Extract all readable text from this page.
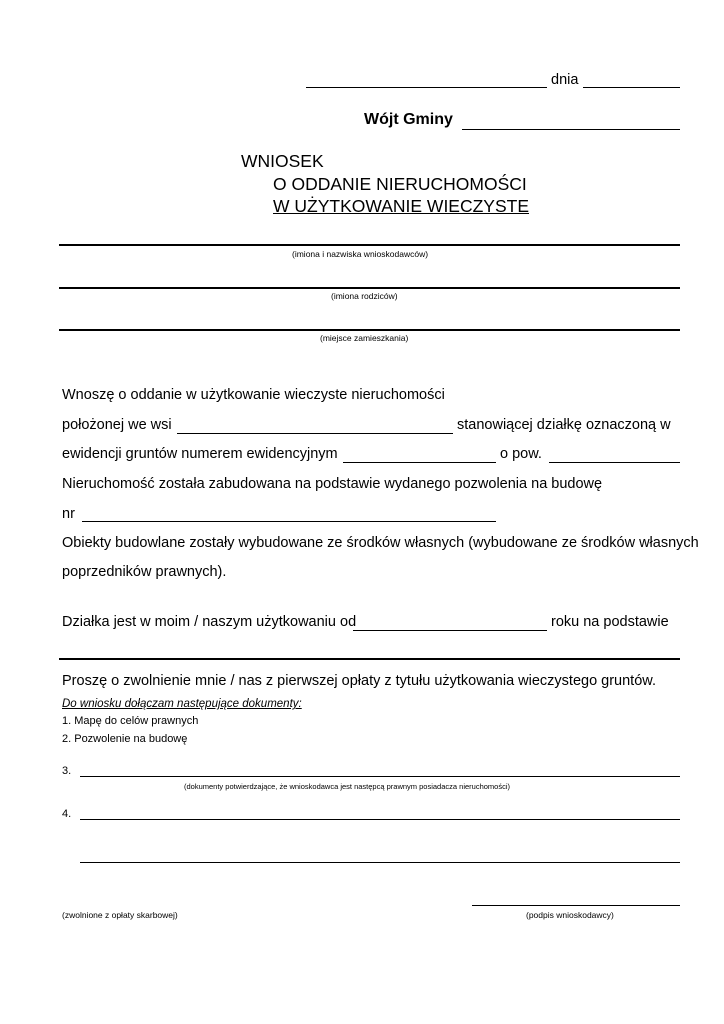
dnia
Wójt Gminy
WNIOSEK
O ODDANIE NIERUCHOMOŚCI
W UŻYTKOWANIE WIECZYSTE
(imiona i nazwiska wnioskodawców)
(imiona rodziców)
(miejsce zamieszkania)
Wnoszę o oddanie w użytkowanie wieczyste nieruchomości
położonej we wsi	stanowiącej działkę oznaczoną w
ewidencji gruntów numerem ewidencyjnym	o pow.
Nieruchomość została zabudowana na podstawie wydanego pozwolenia na budowę
nr
Obiekty budowlane zostały wybudowane ze środków własnych (wybudowane ze środków własnych
poprzedników prawnych).
Działka jest w moim / naszym użytkowaniu od	roku na podstawie
Proszę o zwolnienie mnie / nas z pierwszej opłaty z tytułu użytkowania wieczystego gruntów.
Do wniosku dołączam następujące dokumenty:
1. Mapę do celów prawnych
2. Pozwolenie na budowę
3.
(dokumenty potwierdzające, że wnioskodawca jest następcą prawnym posiadacza nieruchomości)
4.
(zwolnione z opłaty skarbowej)	(podpis wnioskodawcy)
